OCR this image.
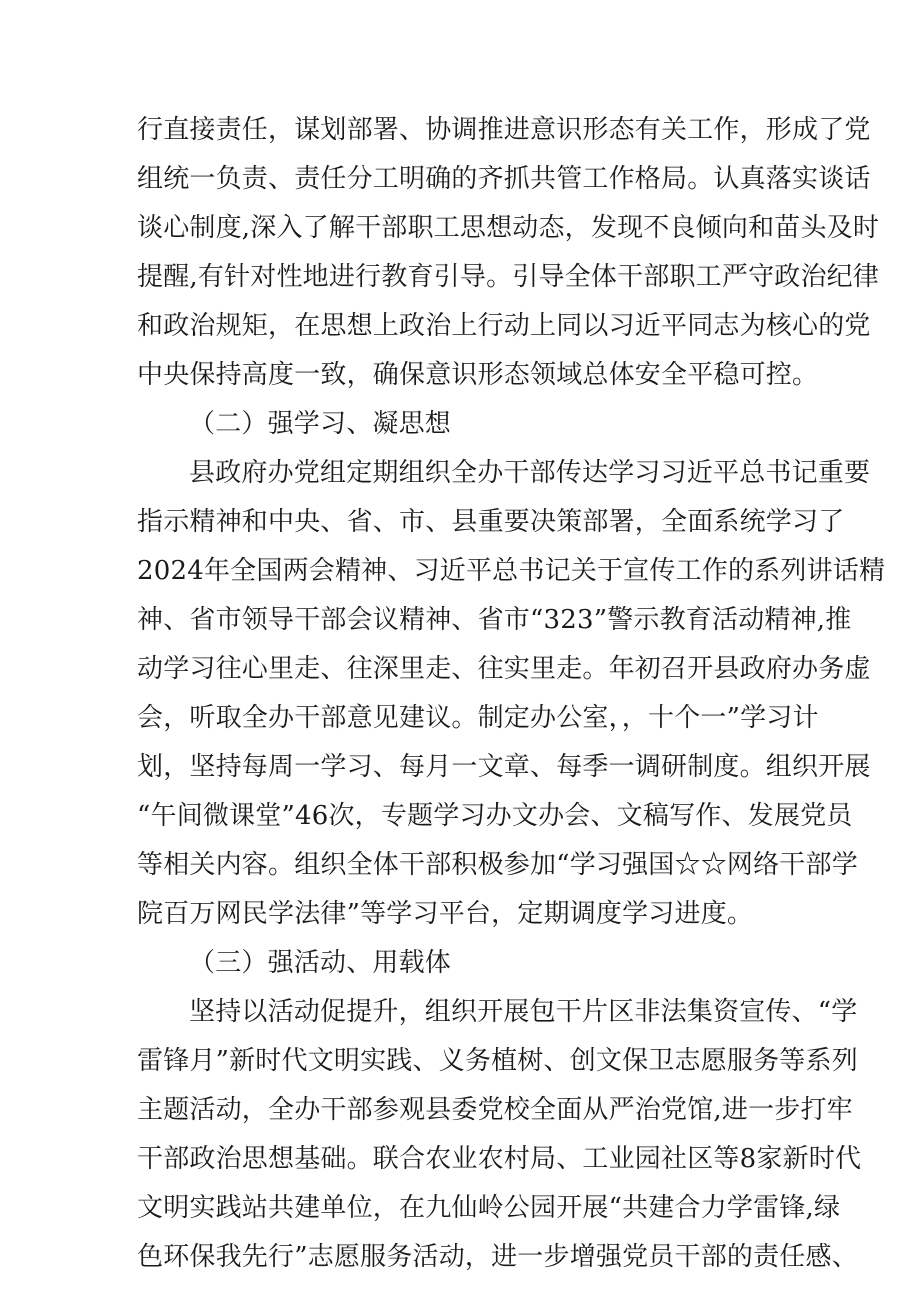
行直接责任，谋划部署、协调推进意识形态有关工作，形成了党
组统一负责、责任分工明确的齐抓共管工作格局。认真落实谈话
谈心制度,深入了解干部职工思想动态，发现不良倾向和苗头及时
提醒,有针对性地进行教育引导。引导全体干部职工严守政治纪律
和政治规矩，在思想上政治上行动上同以习近平同志为核心的党
中央保持高度一致，确保意识形态领域总体安全平稳可控。
（二）强学习、凝思想
县政府办党组定期组织全办干部传达学习习近平总书记重要
指示精神和中央、省、市、县重要决策部署，全面系统学习了
2024年全国两会精神、习近平总书记关于宣传工作的系列讲话精
神、省市领导干部会议精神、省市“323”警示教育活动精神,推
动学习往心里走、往深里走、往实里走。年初召开县政府办务虚
会，听取全办干部意见建议。制定办公室，，十个一”学习计
划，坚持每周一学习、每月一文章、每季一调研制度。组织开展
“午间微课堂”46次，专题学习办文办会、文稿写作、发展党员
等相关内容。组织全体干部积极参加“学习强国☆☆网络干部学
院百万网民学法律”等学习平台，定期调度学习进度。
（三）强活动、用载体
坚持以活动促提升，组织开展包干片区非法集资宣传、“学
雷锋月”新时代文明实践、义务植树、创文保卫志愿服务等系列
主题活动，全办干部参观县委党校全面从严治党馆,进一步打牢
干部政治思想基础。联合农业农村局、工业园社区等8家新时代
文明实践站共建单位，在九仙岭公园开展“共建合力学雷锋,绿
色环保我先行”志愿服务活动，进一步增强党员干部的责任感、
